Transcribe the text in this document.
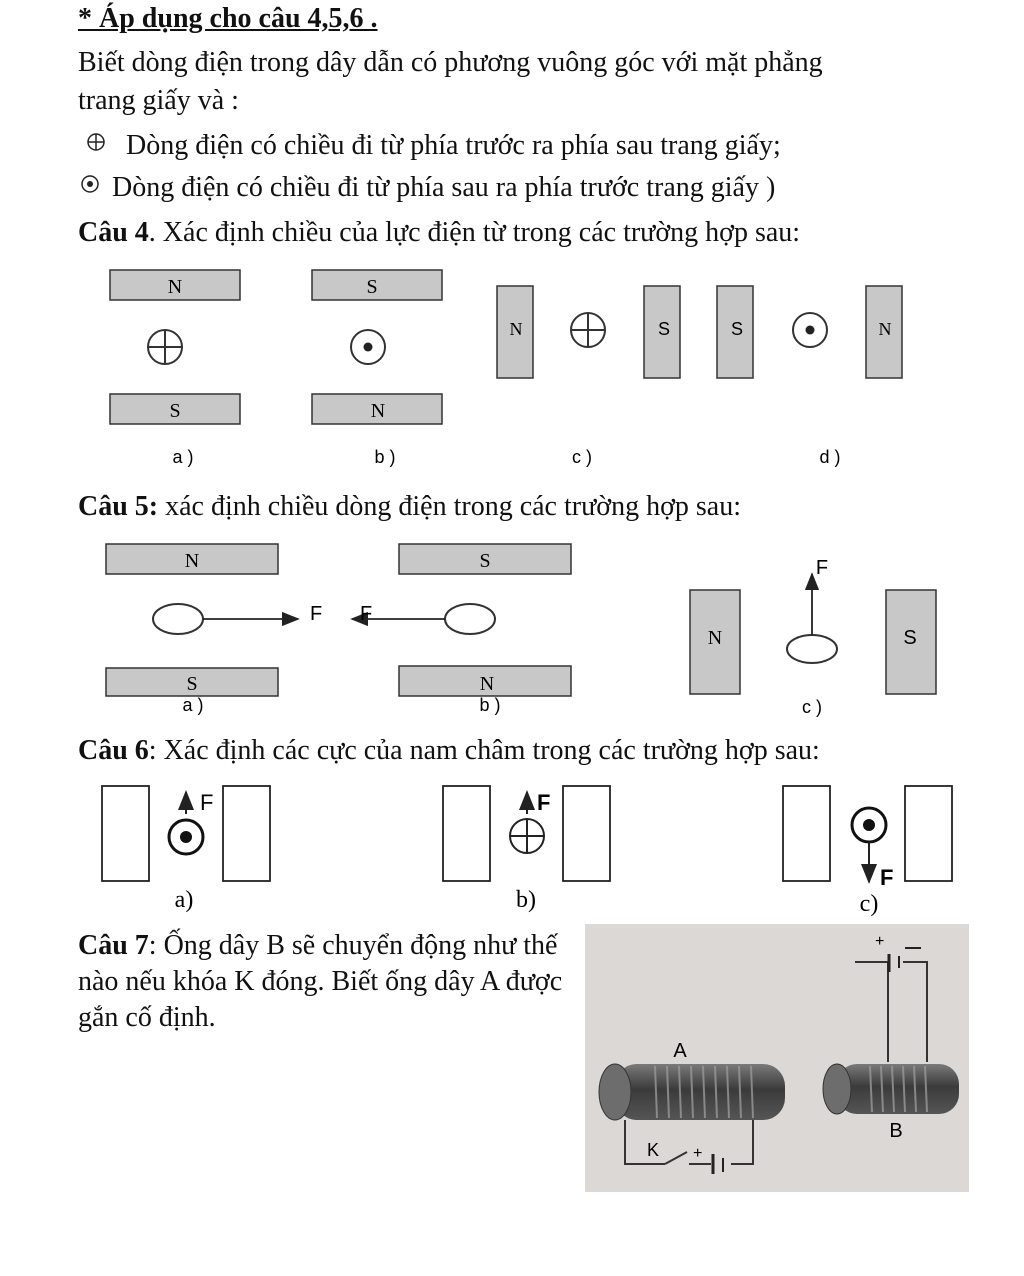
* Áp dụng cho câu 4,5,6 .

Biết dòng điện trong dây dẫn có phương vuông góc với mặt phẳng

trang giấy và :

Dòng điện có chiều đi từ phía trước ra phía sau trang giấy;

Dòng điện có chiều đi từ phía sau ra phía trước trang giấy )

Câu 4. Xác định chiều của lực điện từ trong các trường hợp sau:

N
S
a )
S
N
b )
N	S
c )
S	N
d )

Câu 5: xác định chiều dòng điện trong các trường hợp sau:

N
F
S
a )
S
F
N
b )
N
F
S
c )

Câu 6: Xác định các cực của nam châm trong các trường hợp sau:

F
a)
F
b)
F
c)

Câu 7: Ống dây B sẽ chuyển động như thế nào nếu khóa K đóng. Biết ống dây A được gắn cố định.

+
A
B
+
K
